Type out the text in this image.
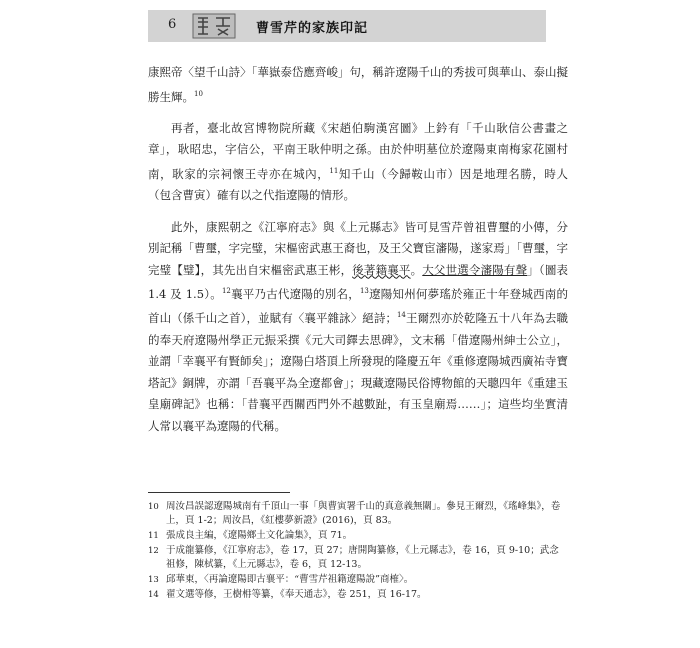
6	曹雪芹的家族印記

康熙帝〈望千山詩〉「華嶽泰岱應齊峻」句，稱許遼陽千山的秀拔可與華山、泰山擬勝生輝。$^{10}$

再者，臺北故宮博物院所藏《宋趙伯駒漢宮圖》上鈐有「千山耿信公書畫之章」，耿昭忠，字信公，平南王耿仲明之孫。由於仲明墓位於遼陽東南梅家花園村南，耿家的宗祠懷王寺亦在城內，$^{11}$知千山（今歸鞍山市）因是地理名勝，時人（包含曹寅）確有以之代指遼陽的情形。

此外，康熙朝之《江寧府志》與《上元縣志》皆可見雪芹曾祖曹璽的小傳，分別記稱「曹璽，字完璧，宋樞密武惠王裔也，及王父寶宦瀋陽，遂家焉」「曹璽，字完璧【璧】，其先出自宋樞密武惠王彬，後著籍襄平。大父世選令瀋陽有聲」（圖表 1.4 及 1.5）。$^{12}$襄平乃古代遼陽的別名，$^{13}$遼陽知州何夢瑤於雍正十年登城西南的首山（係千山之首），並賦有〈襄平雜詠〉絕詩；$^{14}$王爾烈亦於乾隆五十八年為去職的奉天府遼陽州學正元振采撰《元大司鐸去思碑》，文末稱「借遼陽州紳士公立」，並謂「幸襄平有賢師矣」；遼陽白塔頂上所發現的隆慶五年《重修遼陽城西廣祐寺寶塔記》銅牌，亦謂「吾襄平為全遼都會」；現藏遼陽民俗博物館的天聰四年《重建玉皇廟碑記》也稱：「昔襄平西關西門外不越數趾，有玉皇廟焉……」；這些均坐實清人常以襄平為遼陽的代稱。

10 周汝昌誤認遼陽城南有千頂山一事「與曹寅署千山的真意義無關」。參見王爾烈，《瑤峰集》，卷上，頁 1-2；周汝昌，《紅樓夢新證》(2016)，頁 83。
11 張成良主編，《遼陽鄉土文化論集》，頁 71。
12 于成龍纂修，《江寧府志》，卷 17，頁 27；唐開陶纂修，《上元縣志》，卷 16，頁 9-10；武念祖修，陳栻纂，《上元縣志》，卷 6，頁 12-13。
13 邱華東，〈再論遼陽即古襄平：“曹雪芹祖籍遼陽說”商榷〉。
14 翟文選等修，王樹枏等纂，《奉天通志》，卷 251，頁 16-17。
